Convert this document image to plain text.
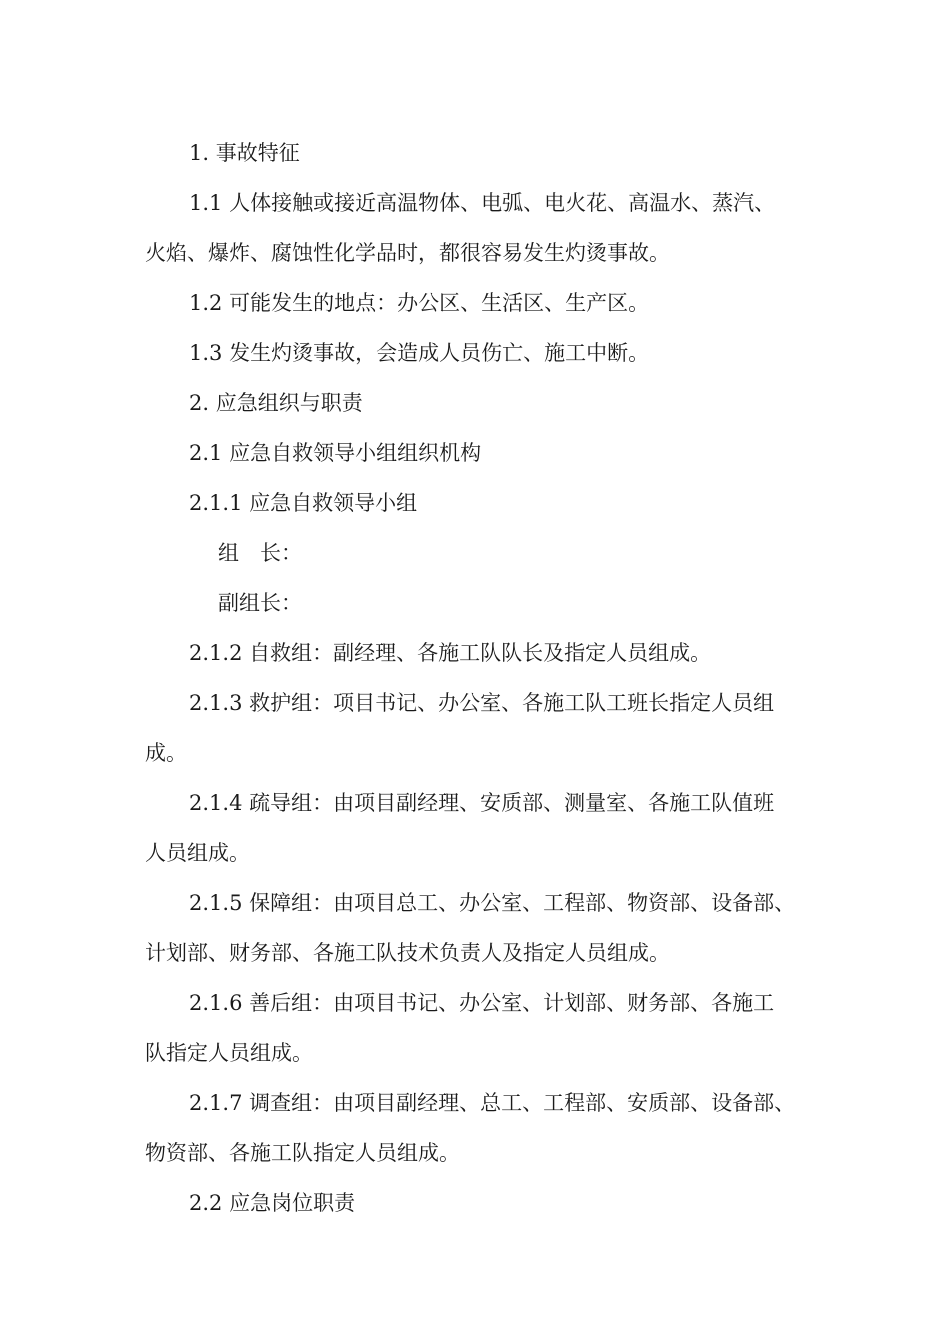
1. 事故特征
1.1 人体接触或接近高温物体、电弧、电火花、高温水、蒸汽、
火焰、爆炸、腐蚀性化学品时，都很容易发生灼烫事故。
1.2 可能发生的地点：办公区、生活区、生产区。
1.3 发生灼烫事故，会造成人员伤亡、施工中断。
2. 应急组织与职责
2.1 应急自救领导小组组织机构
2.1.1 应急自救领导小组
组　长：
副组长：
2.1.2 自救组：副经理、各施工队队长及指定人员组成。
2.1.3 救护组：项目书记、办公室、各施工队工班长指定人员组
成。
2.1.4 疏导组：由项目副经理、安质部、测量室、各施工队值班
人员组成。
2.1.5 保障组：由项目总工、办公室、工程部、物资部、设备部、
计划部、财务部、各施工队技术负责人及指定人员组成。
2.1.6 善后组：由项目书记、办公室、计划部、财务部、各施工
队指定人员组成。
2.1.7 调查组：由项目副经理、总工、工程部、安质部、设备部、
物资部、各施工队指定人员组成。
2.2 应急岗位职责
